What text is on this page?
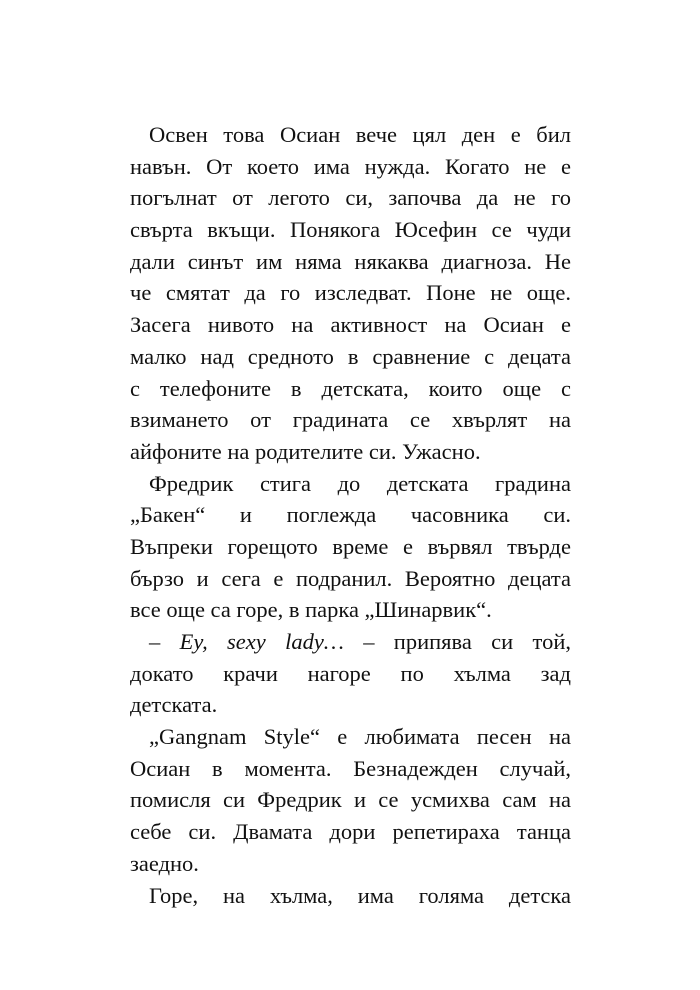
Освен това Осиан вече цял ден е бил
навън. От което има нужда. Когато не е
погълнат от легото си, започва да не го
свърта вкъщи. Понякога Юсефин се чуди
дали синът им няма някаква диагноза. Не
че смятат да го изследват. Поне не още.
Засега нивото на активност на Осиан е
малко над средното в сравнение с децата
с телефоните в детската, които още с
взимането от градината се хвърлят на
айфоните на родителите си. Ужасно.
Фредрик стига до детската градина
„Бакен“ и поглежда часовника си.
Въпреки горещото време е вървял твърде
бързо и сега е подранил. Вероятно децата
все още са горе, в парка „Шинарвик“.
– Ey, sexy lady… – припява си той,
докато крачи нагоре по хълма зад
детската.
„Gangnam Style“ е любимата песен на
Осиан в момента. Безнадежден случай,
помисля си Фредрик и се усмихва сам на
себе си. Двамата дори репетираха танца
заедно.
Горе, на хълма, има голяма детска
